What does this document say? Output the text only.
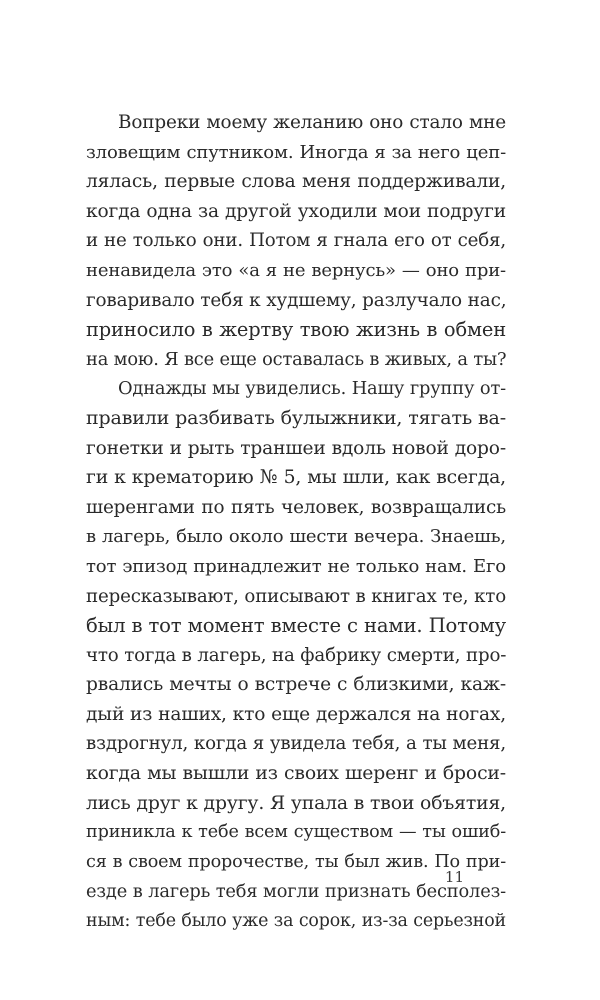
Вопреки моему желанию оно стало мне
зловещим спутником. Иногда я за него цеп-
лялась, первые слова меня поддерживали,
когда одна за другой уходили мои подруги
и не только они. Потом я гнала его от себя,
ненавидела это «а я не вернусь» — оно при-
говаривало тебя к худшему, разлучало нас,
приносило в жертву твою жизнь в обмен
на мою. Я все еще оставалась в живых, а ты?
Однажды мы увиделись. Нашу группу от-
правили разбивать булыжники, тягать ва-
гонетки и рыть траншеи вдоль новой доро-
ги к крематорию № 5, мы шли, как всегда,
шеренгами по пять человек, возвращались
в лагерь, было около шести вечера. Знаешь,
тот эпизод принадлежит не только нам. Его
пересказывают, описывают в книгах те, кто
был в тот момент вместе с нами. Потому
что тогда в лагерь, на фабрику смерти, про-
рвались мечты о встрече с близкими, каж-
дый из наших, кто еще держался на ногах,
вздрогнул, когда я увидела тебя, а ты меня,
когда мы вышли из своих шеренг и броси-
лись друг к другу. Я упала в твои объятия,
приникла к тебе всем существом — ты ошиб-
ся в своем пророчестве, ты был жив. По при-
езде в лагерь тебя могли признать бесполез-
ным: тебе было уже за сорок, из-за серьезной
11
